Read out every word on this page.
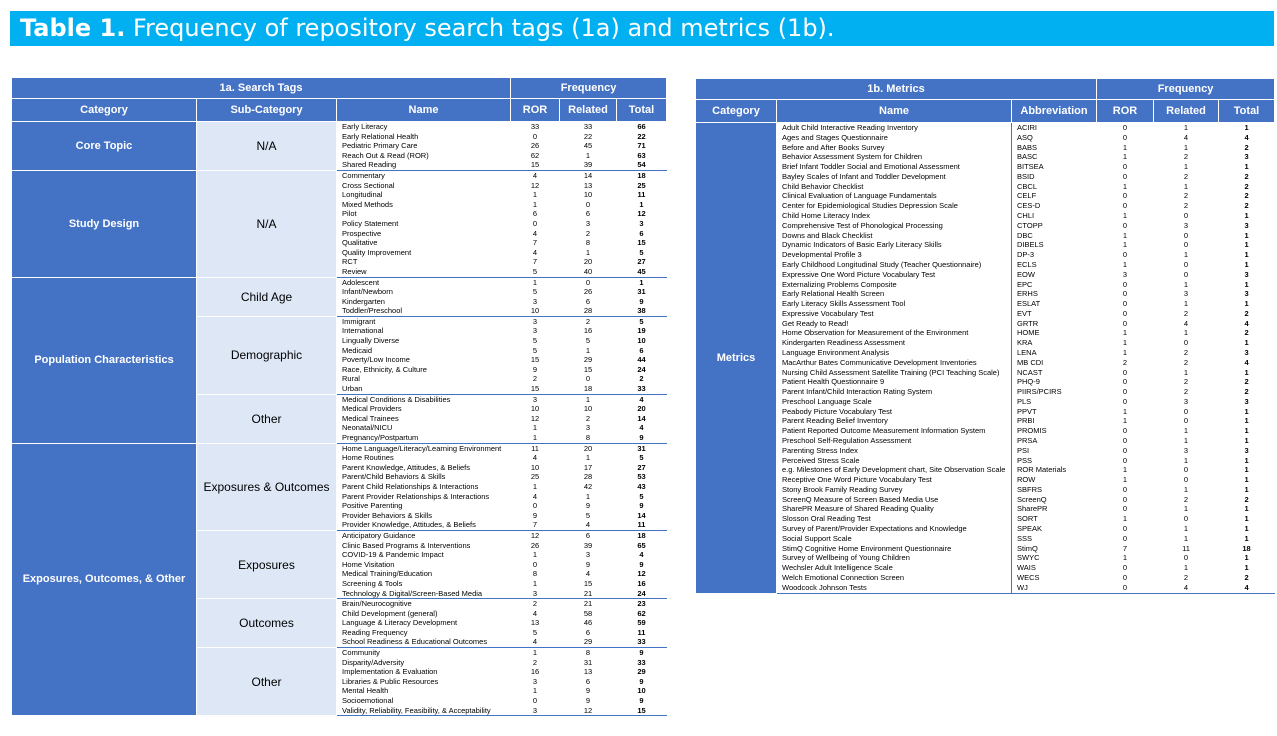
Table 1. Frequency of repository search tags (1a) and metrics (1b).
1a. Search Tags			Frequency		
Category	Sub-Category	Name	ROR	Related	Total
Core Topic	N/A	Early Literacy	33	33	66
		Early Relational Health	0	22	22
		Pediatric Primary Care	26	45	71
		Reach Out & Read (ROR)	62	1	63
		Shared Reading	15	39	54
Study Design	N/A	Commentary	4	14	18
		Cross Sectional	12	13	25
		Longitudinal	1	10	11
		Mixed Methods	1	0	1
		Pilot	6	6	12
		Policy Statement	0	3	3
		Prospective	4	2	6
		Qualitative	7	8	15
		Quality Improvement	4	1	5
		RCT	7	20	27
		Review	5	40	45
Population Characteristics	Child Age	Adolescent	1	0	1
		Infant/Newborn	5	26	31
		Kindergarten	3	6	9
		Toddler/Preschool	10	28	38
	Demographic	Immigrant	3	2	5
		International	3	16	19
		Lingually Diverse	5	5	10
		Medicaid	5	1	6
		Poverty/Low Income	15	29	44
		Race, Ethnicity, & Culture	9	15	24
		Rural	2	0	2
		Urban	15	18	33
	Other	Medical Conditions & Disabilities	3	1	4
		Medical Providers	10	10	20
		Medical Trainees	12	2	14
		Neonatal/NICU	1	3	4
		Pregnancy/Postpartum	1	8	9
Exposures, Outcomes, & Other	Exposures & Outcomes	Home Language/Literacy/Learning Environment	11	20	31
		Home Routines	4	1	5
		Parent Knowledge, Attitudes, & Beliefs	10	17	27
		Parent/Child Behaviors & Skills	25	28	53
		Parent Child Relationships & Interactions	1	42	43
		Parent Provider Relationships & Interactions	4	1	5
		Positive Parenting	0	9	9
		Provider Behaviors & Skills	9	5	14
		Provider Knowledge, Attitudes, & Beliefs	7	4	11
	Exposures	Anticipatory Guidance	12	6	18
		Clinic Based Programs & Interventions	26	39	65
		COVID-19 & Pandemic Impact	1	3	4
		Home Visitation	0	9	9
		Medical Training/Education	8	4	12
		Screening & Tools	1	15	16
		Technology & Digital/Screen-Based Media	3	21	24
	Outcomes	Brain/Neurocognitive	2	21	23
		Child Development (general)	4	58	62
		Language & Literacy Development	13	46	59
		Reading Frequency	5	6	11
		School Readiness & Educational Outcomes	4	29	33
	Other	Community	1	8	9
		Disparity/Adversity	2	31	33
		Implementation & Evaluation	16	13	29
		Libraries & Public Resources	3	6	9
		Mental Health	1	9	10
		Socioemotional	0	9	9
		Validity, Reliability, Feasibility, & Acceptability	3	12	15
1b. Metrics			Frequency		
Category	Name	Abbreviation	ROR	Related	Total
Metrics	Adult Child Interactive Reading Inventory	ACIRI	0	1	1
	Ages and Stages Questionnaire	ASQ	0	4	4
	Before and After Books Survey	BABS	1	1	2
	Behavior Assessment System for Children	BASC	1	2	3
	Brief Infant Toddler Social and Emotional Assessment	BITSEA	0	1	1
	Bayley Scales of Infant and Toddler Development	BSID	0	2	2
	Child Behavior Checklist	CBCL	1	1	2
	Clinical Evaluation of Language Fundamentals	CELF	0	2	2
	Center for Epidemiological Studies Depression Scale	CES-D	0	2	2
	Child Home Literacy Index	CHLI	1	0	1
	Comprehensive Test of Phonological Processing	CTOPP	0	3	3
	Downs and Black Checklist	DBC	1	0	1
	Dynamic Indicators of Basic Early Literacy Skills	DIBELS	1	0	1
	Developmental Profile 3	DP-3	0	1	1
	Early Childhood Longitudinal Study (Teacher Questionnaire)	ECLS	1	0	1
	Expressive One Word Picture Vocabulary Test	EOW	3	0	3
	Externalizing Problems Composite	EPC	0	1	1
	Early Relational Health Screen	ERHS	0	3	3
	Early Literacy Skills Assessment Tool	ESLAT	0	1	1
	Expressive Vocabulary Test	EVT	0	2	2
	Get Ready to Read!	GRTR	0	4	4
	Home Observation for Measurement of the Environment	HOME	1	1	2
	Kindergarten Readiness Assessment	KRA	1	0	1
	Language Environment Analysis	LENA	1	2	3
	MacArthur Bates Communicative Development Inventories	MB CDI	2	2	4
	Nursing Child Assessment Satellite Training (PCI Teaching Scale)	NCAST	0	1	1
	Patient Health Questionnaire 9	PHQ-9	0	2	2
	Parent Infant/Child Interaction Rating System	PIIRS/PCIRS	0	2	2
	Preschool Language Scale	PLS	0	3	3
	Peabody Picture Vocabulary Test	PPVT	1	0	1
	Parent Reading Belief Inventory	PRBI	1	0	1
	Patient Reported Outcome Measurement Information System	PROMIS	0	1	1
	Preschool Self-Regulation Assessment	PRSA	0	1	1
	Parenting Stress Index	PSI	0	3	3
	Perceived Stress Scale	PSS	0	1	1
	e.g. Milestones of Early Development chart, Site Observation Scale	ROR Materials	1	0	1
	Receptive One Word Picture Vocabulary Test	ROW	1	0	1
	Stony Brook Family Reading Survey	SBFRS	0	1	1
	ScreenQ Measure of Screen Based Media Use	ScreenQ	0	2	2
	SharePR Measure of Shared Reading Quality	SharePR	0	1	1
	Slosson Oral Reading Test	SORT	1	0	1
	Survey of Parent/Provider Expectations and Knowledge	SPEAK	0	1	1
	Social Support Scale	SSS	0	1	1
	StimQ Cognitive Home Environment Questionnaire	StimQ	7	11	18
	Survey of Wellbeing of Young Children	SWYC	1	0	1
	Wechsler Adult Intelligence Scale	WAIS	0	1	1
	Welch Emotional Connection Screen	WECS	0	2	2
	Woodcock Johnson Tests	WJ	0	4	4
